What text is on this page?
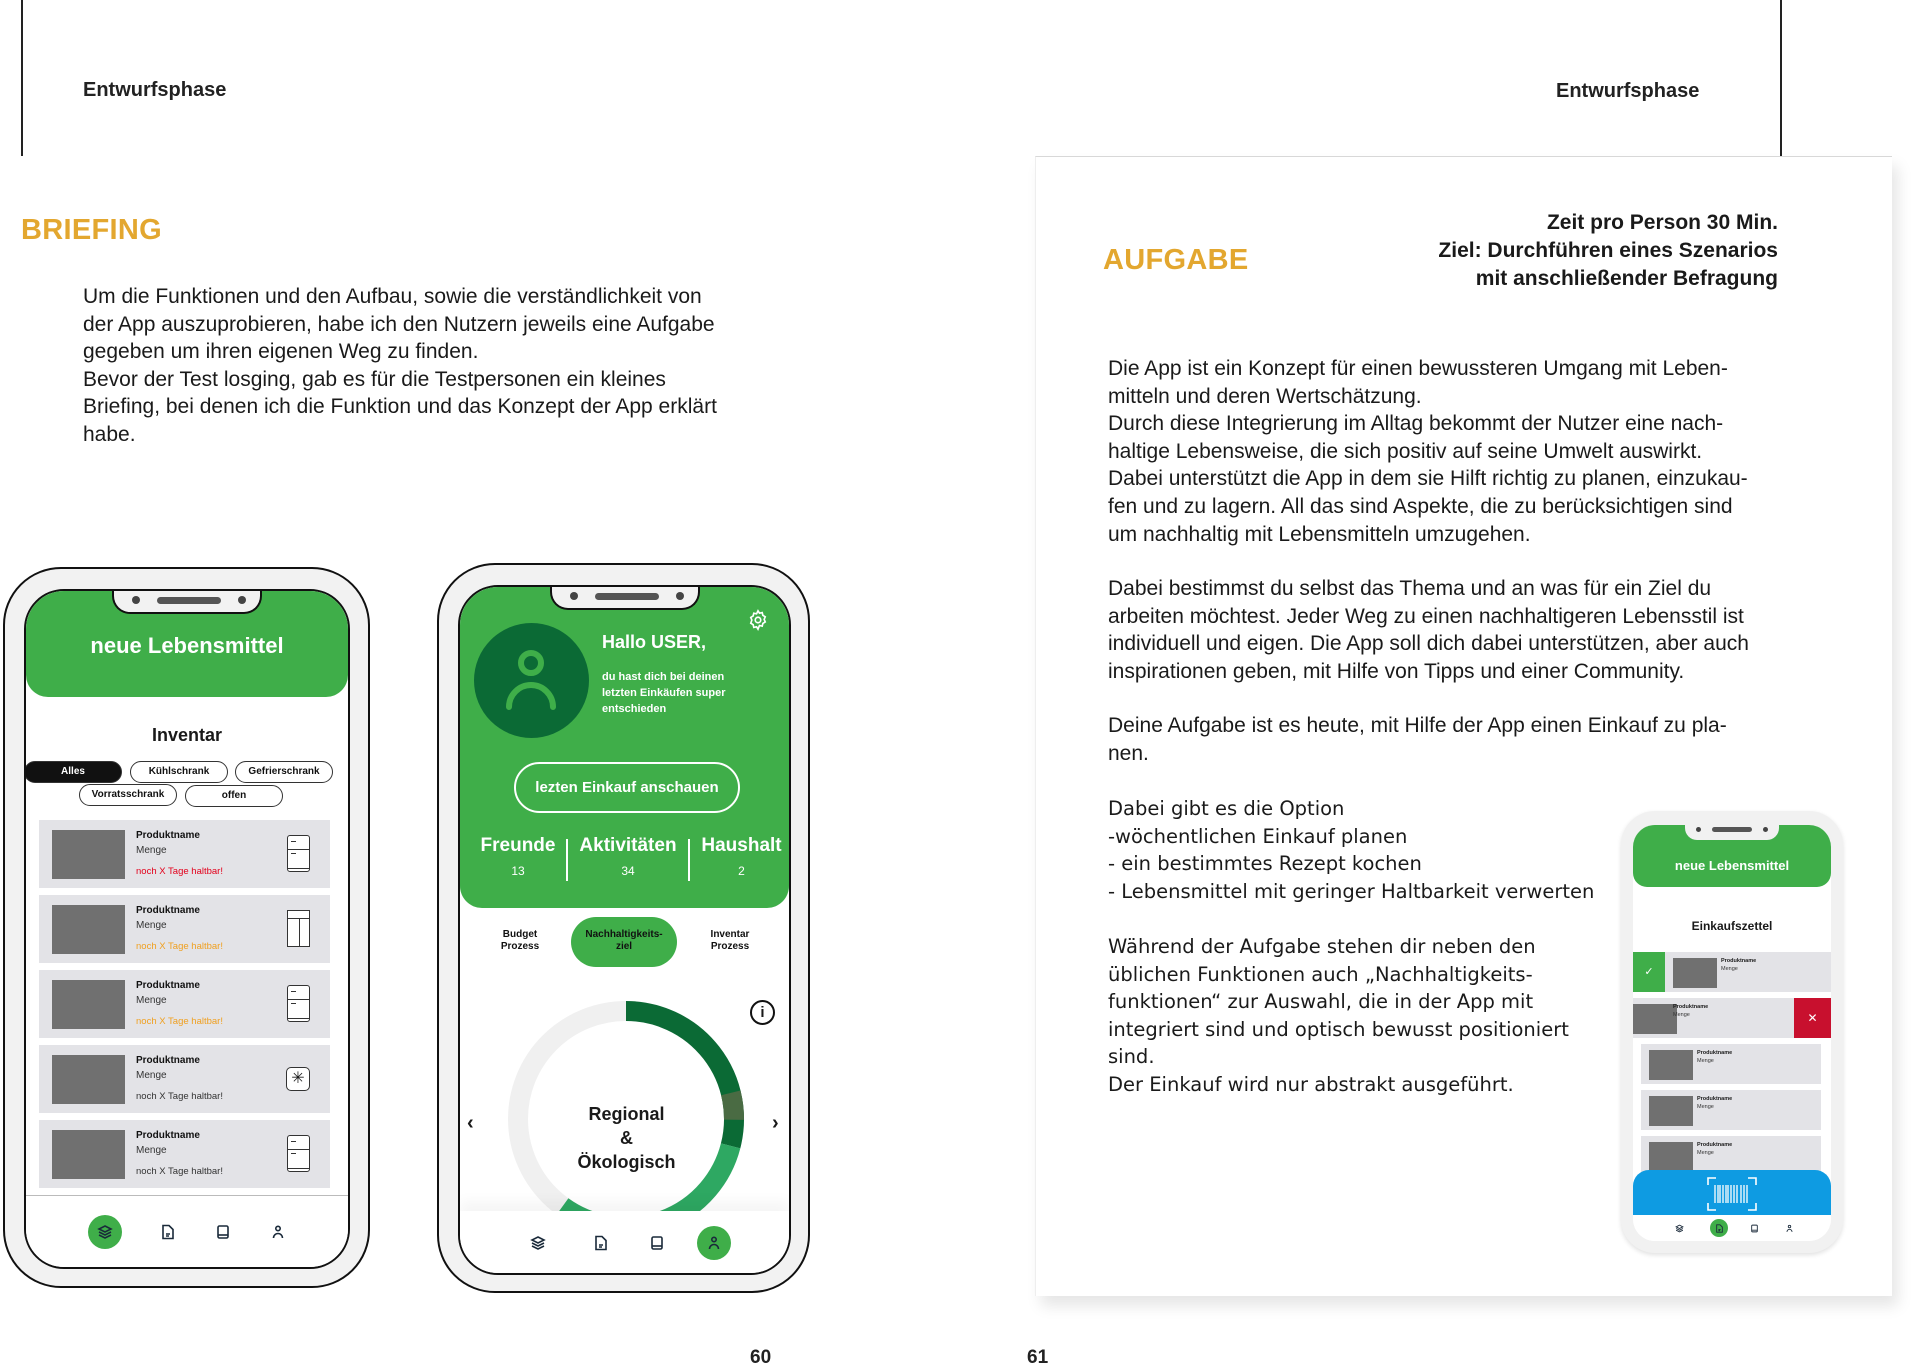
Entwurfsphase
BRIEFING
Um die Funktionen und den Aufbau, sowie die verständlichkeit von
der App auszuprobieren, habe ich den Nutzern jeweils eine Aufgabe
gegeben um ihren eigenen Weg zu finden.
Bevor der Test losging, gab es für die Testpersonen ein kleines
Briefing, bei denen ich die Funktion und das Konzept der App erklärt
habe.
neue Lebensmittel
Inventar
Alles	Kühlschrank	Gefrierschrank
Vorratsschrank	offen
Produktname
Menge
noch X Tage haltbar!
Produktname
Menge
noch X Tage haltbar!
Produktname
Menge
noch X Tage haltbar!
Produktname
Menge
noch X Tage haltbar!
✳
Produktname
Menge
noch X Tage haltbar!
Hallo USER,
du hast dich bei deinen
letzten Einkäufen super
entschieden
lezten Einkauf anschauen
Freunde
13
Aktivitäten
34
Haushalt
2
Budget
Prozess
Nachhaltigkeits-
ziel
Inventar
Prozess
i
Regional
&
Ökologisch
‹	›
60
Entwurfsphase
AUFGABE
Zeit pro Person 30 Min.
Ziel: Durchführen eines Szenarios
mit anschließender Befragung
Die App ist ein Konzept für einen bewussteren Umgang mit Leben-
mitteln und deren Wertschätzung.
Durch diese Integrierung im Alltag bekommt der Nutzer eine nach-
haltige Lebensweise, die sich positiv auf seine Umwelt auswirkt.
Dabei unterstützt die App in dem sie Hilft richtig zu planen, einzukau-
fen und zu lagern. All das sind Aspekte, die zu berücksichtigen sind
um nachhaltig mit Lebensmitteln umzugehen.
Dabei bestimmst du selbst das Thema und an was für ein Ziel du
arbeiten möchtest. Jeder Weg zu einen nachhaltigeren Lebensstil ist
individuell und eigen. Die App soll dich dabei unterstützen, aber auch
inspirationen geben, mit Hilfe von Tipps und einer Community.
Deine Aufgabe ist es heute, mit Hilfe der App einen Einkauf zu pla-
nen.
Dabei gibt es die Option
-wöchentlichen Einkauf planen
- ein bestimmtes Rezept kochen
- Lebensmittel mit geringer Haltbarkeit verwerten
Während der Aufgabe stehen dir neben den
üblichen Funktionen auch „Nachhaltigkeits-
funktionen“ zur Auswahl, die in der App mit
integriert sind und optisch bewusst positioniert
sind.
Der Einkauf wird nur abstrakt ausgeführt.
neue Lebensmittel
Einkaufszettel
✓
Produktname
Menge
✕
Produktname
Menge
Produktname
Menge
Produktname
Menge
Produktname
Menge
61
